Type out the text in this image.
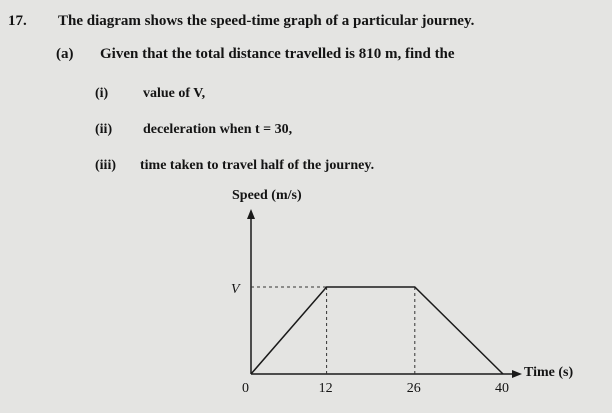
17. The diagram shows the speed-time graph of a particular journey.
(a) Given that the total distance travelled is 810 m, find the
(i) value of V,
(ii) deceleration when t = 30,
(iii) time taken to travel half of the journey.
Speed (m/s)
Time (s)
0	12	26	40
V
